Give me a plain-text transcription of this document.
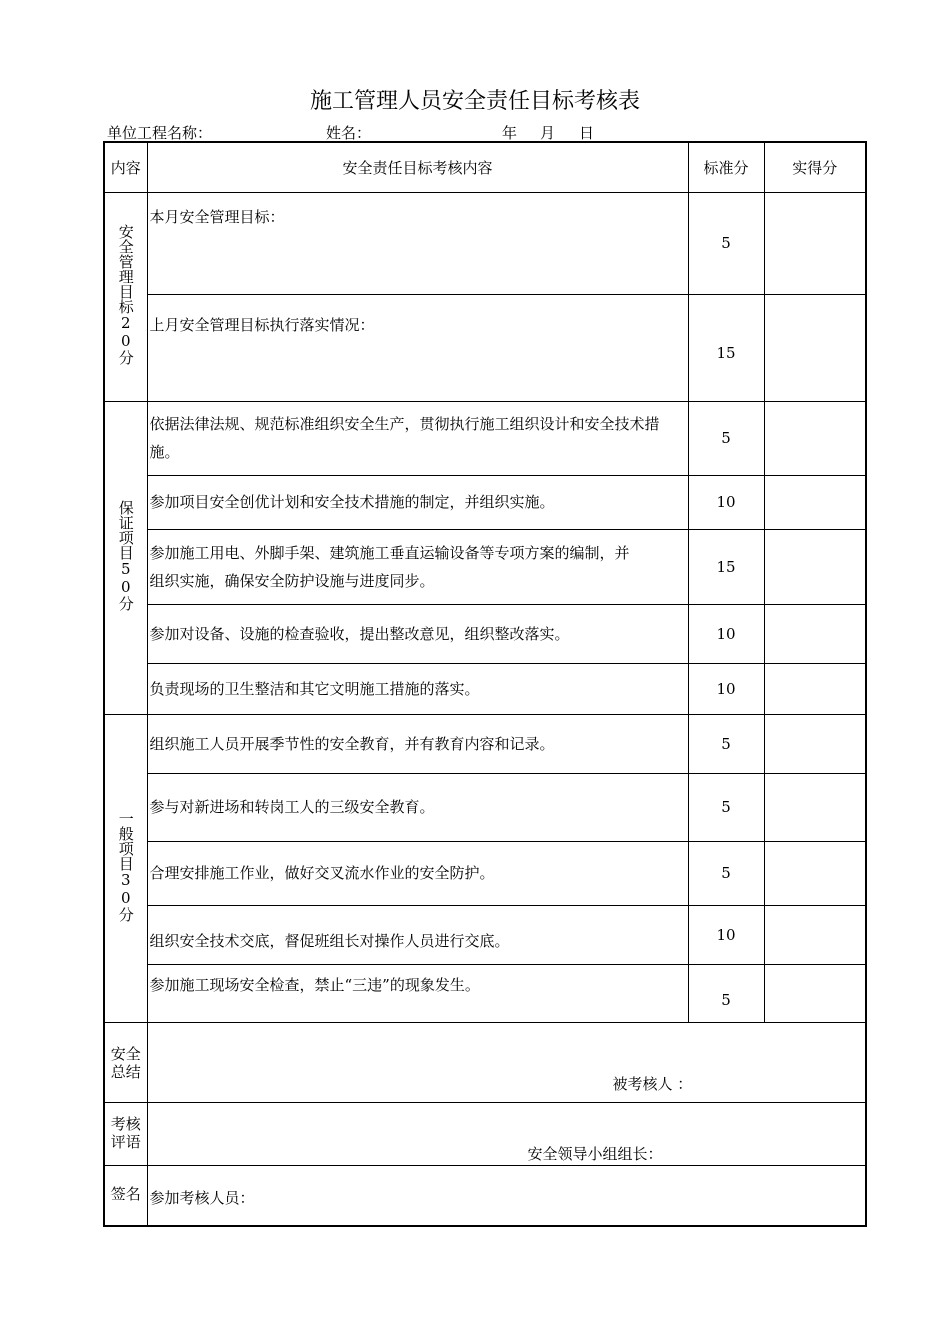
施工管理人员安全责任目标考核表
单位工程名称：	姓名：	年 月 日
内容	安全责任目标考核内容	标准分	实得分
安全管理目标20分	本月安全管理目标：	5	
	上月安全管理目标执行落实情况：	15	
保证项目50分	依据法律法规、规范标准组织安全生产，贯彻执行施工组织设计和安全技术措施。	5	
	参加项目安全创优计划和安全技术措施的制定，并组织实施。	10	
	参加施工用电、外脚手架、建筑施工垂直运输设备等专项方案的编制，并组织实施，确保安全防护设施与进度同步。	15	
	参加对设备、设施的检查验收，提出整改意见，组织整改落实。	10	
	负责现场的卫生整洁和其它文明施工措施的落实。	10	
一般项目30分	组织施工人员开展季节性的安全教育，并有教育内容和记录。	5	
	参与对新进场和转岗工人的三级安全教育。	5	
	合理安排施工作业，做好交叉流水作业的安全防护。	5	
	组织安全技术交底，督促班组长对操作人员进行交底。	10	
	参加施工现场安全检查，禁止“三违”的现象发生。	5	
安全总结	被考核人 ：		

考核评语	安全领导小组组长：		

签名	参加考核人员：		
